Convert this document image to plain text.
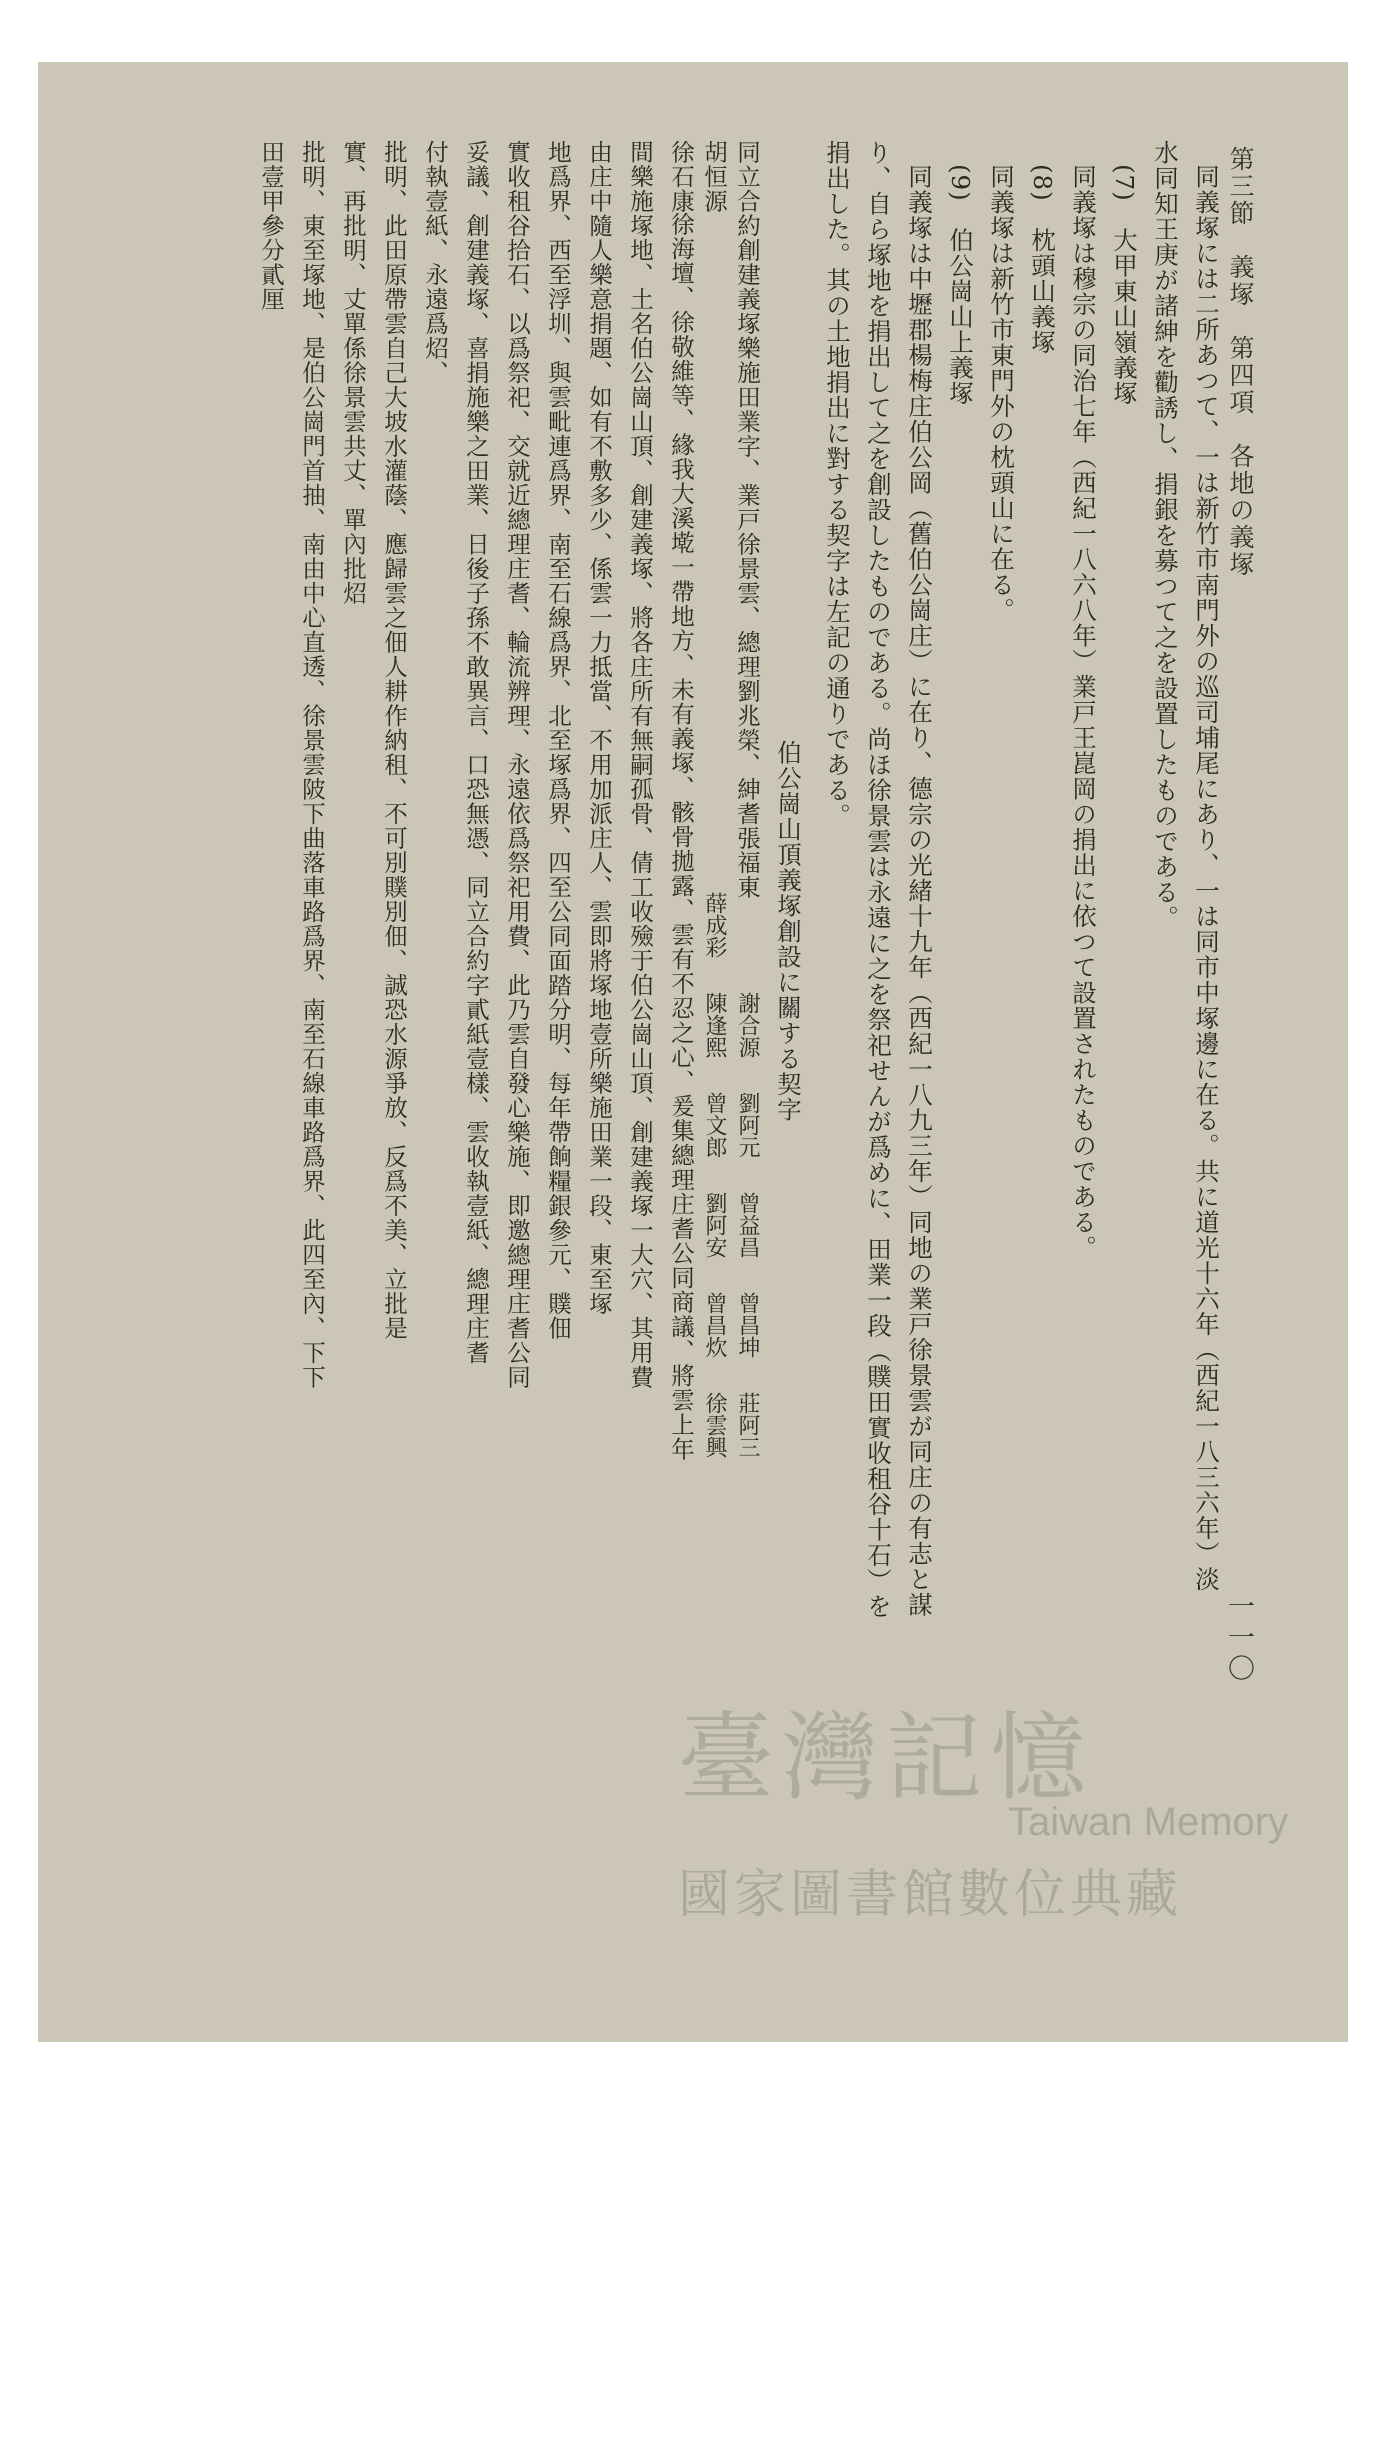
第三節　義塚　第四項　各地の義塚
一一〇
同義塚には二所あつて、一は新竹市南門外の巡司埔尾にあり、一は同市中塚邊に在る。共に道光十六年（西紀一八三六年）淡
水同知王庚が諸紳を勸誘し、捐銀を募つて之を設置したものである。
(7)　大甲東山嶺義塚
同義塚は穆宗の同治七年（西紀一八六八年）業戸王崑岡の捐出に依つて設置されたものである。
(8)　枕頭山義塚
同義塚は新竹市東門外の枕頭山に在る。
(9)　伯公崗山上義塚
同義塚は中壢郡楊梅庄伯公岡（舊伯公崗庄）に在り、德宗の光緒十九年（西紀一八九三年）同地の業戸徐景雲が同庄の有志と謀
り、自ら塚地を捐出して之を創設したものである。尚ほ徐景雲は永遠に之を祭祀せんが爲めに、田業一段（贌田實收租谷十石）を
捐出した。其の土地捐出に對する契字は左記の通りである。
伯公崗山頂義塚創設に關する契字
同立合約創建義塚樂施田業字、業戸徐景雲、總理劉兆榮、紳耆張福東
胡恒源
徐石康
謝合源
陳逢熙
劉阿元
曾文郎
曾益昌
劉阿安
曾昌坤
曾昌炊
莊阿三
徐雲興
薛成彩
徐海壇、徐敬維等、緣我大溪墘一帶地方、未有義塚、骸骨拋露、雲有不忍之心、爰集總理庄耆公同商議、將雲上年
間樂施塚地、土名伯公崗山頂、創建義塚、將各庄所有無嗣孤骨、倩工收殮于伯公崗山頂、創建義塚一大穴、其用費
由庄中隨人樂意捐題、如有不敷多少、係雲一力抵當、不用加派庄人、雲即將塚地壹所樂施田業一段、東至塚
地爲界、西至浮圳、與雲毗連爲界、南至石線爲界、北至塚爲界、四至公同面踏分明、每年帶餉糧銀參元、贌佃
實收租谷拾石、以爲祭祀、交就近總理庄耆、輪流辨理、永遠依爲祭祀用費、此乃雲自發心樂施、即邀總理庄耆公同
妥議、創建義塚、喜捐施樂之田業、日後子孫不敢異言、口恐無憑、同立合約字貳紙壹樣、雲收執壹紙、總理庄耆
付執壹紙、永遠爲炤、
批明、此田原帶雲自己大坡水灌蔭、應歸雲之佃人耕作納租、不可別贌別佃、誠恐水源爭放、反爲不美、立批是
實、再批明、丈單係徐景雲共丈、單內批炤
批明、東至塚地、是伯公崗門首抽、南由中心直透、徐景雲陂下曲落車路爲界、南至石線車路爲界、此四至內、下下
田壹甲參分貳厘
臺灣記憶
Taiwan Memory
國家圖書館數位典藏
